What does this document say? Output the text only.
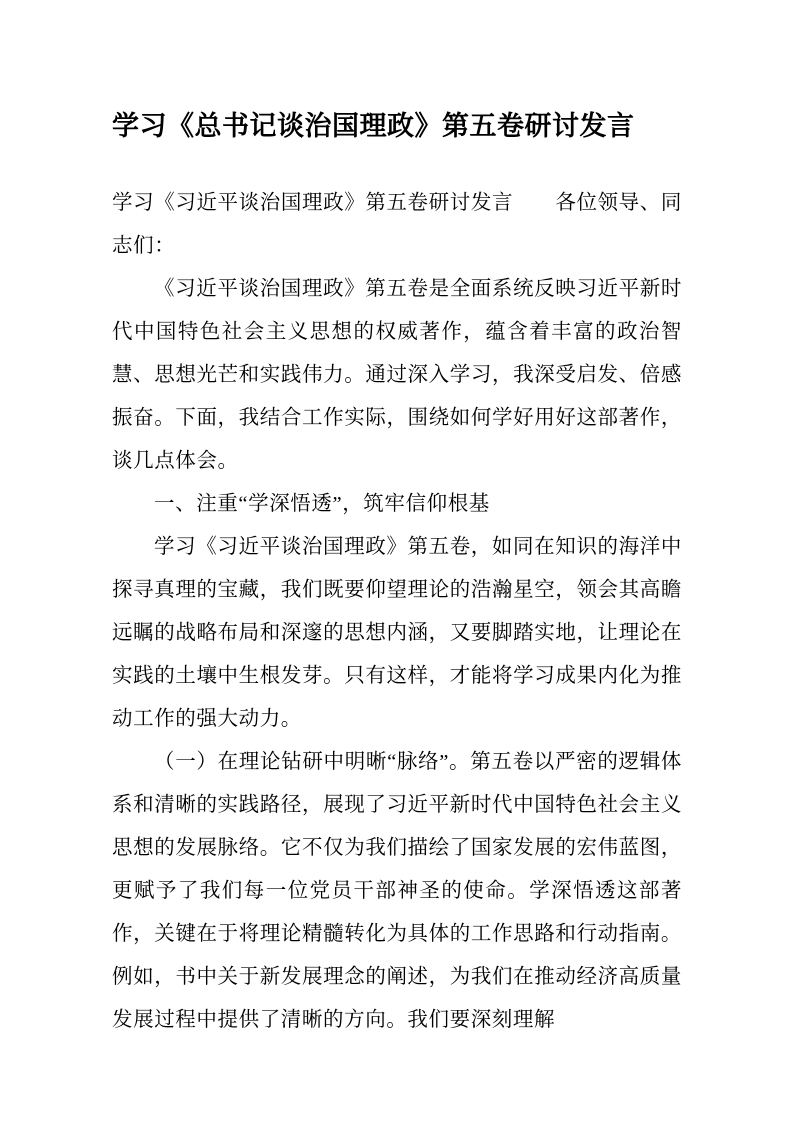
学习《总书记谈治国理政》第五卷研讨发言

学习《习近平谈治国理政》第五卷研讨发言　　各位领导、同志们：

《习近平谈治国理政》第五卷是全面系统反映习近平新时代中国特色社会主义思想的权威著作，蕴含着丰富的政治智慧、思想光芒和实践伟力。通过深入学习，我深受启发、倍感振奋。下面，我结合工作实际，围绕如何学好用好这部著作，谈几点体会。

一、注重“学深悟透”，筑牢信仰根基

学习《习近平谈治国理政》第五卷，如同在知识的海洋中探寻真理的宝藏，我们既要仰望理论的浩瀚星空，领会其高瞻远瞩的战略布局和深邃的思想内涵，又要脚踏实地，让理论在实践的土壤中生根发芽。只有这样，才能将学习成果内化为推动工作的强大动力。

（一）在理论钻研中明晰“脉络”。第五卷以严密的逻辑体系和清晰的实践路径，展现了习近平新时代中国特色社会主义思想的发展脉络。它不仅为我们描绘了国家发展的宏伟蓝图，更赋予了我们每一位党员干部神圣的使命。学深悟透这部著作，关键在于将理论精髓转化为具体的工作思路和行动指南。例如，书中关于新发展理念的阐述，为我们在推动经济高质量发展过程中提供了清晰的方向。我们要深刻理解
